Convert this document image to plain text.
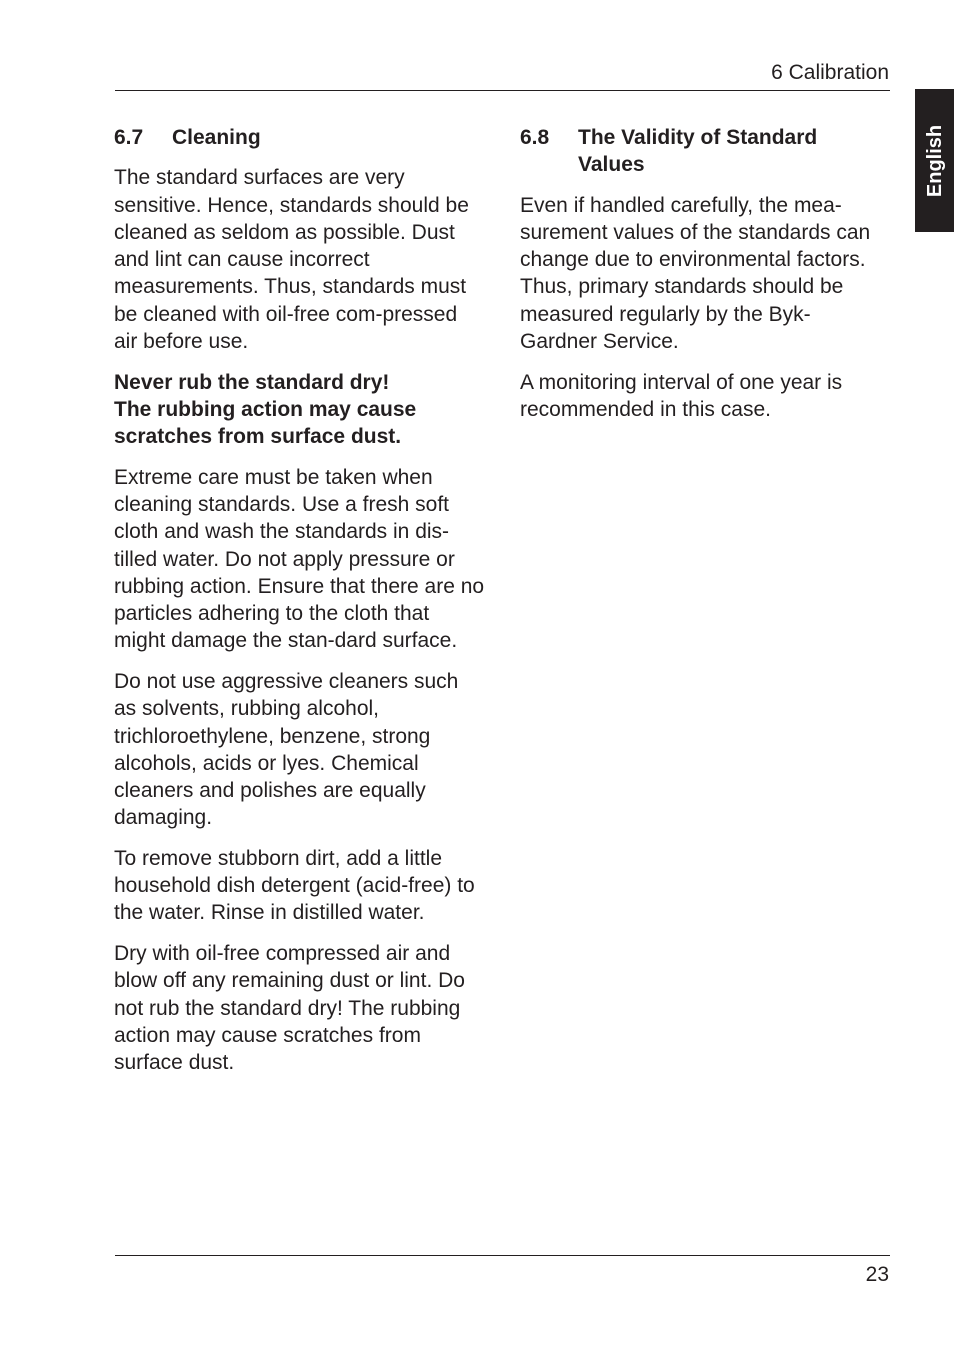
6 Calibration
English
6.7	Cleaning

The standard surfaces are very sensitive. Hence, standards should be cleaned as seldom as possible. Dust and lint can cause incorrect measurements. Thus, standards must be cleaned with oil-free com-pressed air before use.

Never rub the standard dry!
The rubbing action may cause scratches from surface dust.

Extreme care must be taken when cleaning standards. Use a fresh soft cloth and wash the standards in dis-tilled water. Do not apply pressure or rubbing action. Ensure that there are no particles adhering to the cloth that might damage the stan-dard surface.

Do not use aggressive cleaners such as solvents, rubbing alcohol, trichloroethylene, benzene, strong alcohols, acids or lyes. Chemical cleaners and polishes are equally damaging.

To remove stubborn dirt, add a little household dish detergent (acid-free) to the water. Rinse in distilled water.

Dry with oil-free compressed air and blow off any remaining dust or lint. Do not rub the standard dry! The rubbing action may cause scratches from surface dust.

6.8	The Validity of Standard Values

Even if handled carefully, the mea-surement values of the standards can change due to environmental factors. Thus, primary standards should be measured regularly by the Byk-Gardner Service.

A monitoring interval of one year is recommended in this case.

23
